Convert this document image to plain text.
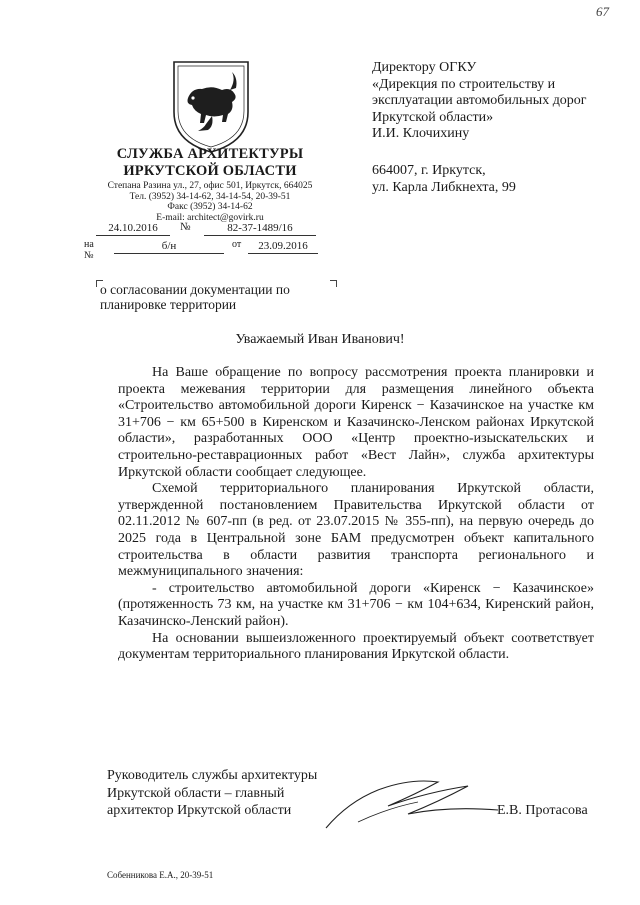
67
СЛУЖБА АРХИТЕКТУРЫ
ИРКУТСКОЙ ОБЛАСТИ
Степана Разина ул., 27, офис 501, Иркутск, 664025
Тел. (3952) 34-14-62, 34-14-54, 20-39-51
Факс (3952) 34-14-62
E-mail: architect@govirk.ru
24.10.2016	№	82-37-1489/16
на №
б/н	от	23.09.2016

Директору ОГКУ

«Дирекция по строительству и

эксплуатации автомобильных дорог

Иркутской области»

И.И. Клочихину

664007, г. Иркутск,

ул. Карла Либкнехта, 99

о согласовании документации по
планировке территории
Уважаемый Иван Иванович!

На Ваше обращение по вопросу рассмотрения проекта планировки и проекта межевания территории для размещения линейного объекта «Строительство автомобильной дороги Киренск − Казачинское на участке км 31+706 − км 65+500 в Киренском и Казачинско-Ленском районах Иркутской области», разработанных ООО «Центр проектно-изыскательских и строительно-реставрационных работ «Вест Лайн», служба архитектуры Иркутской области сообщает следующее.

Схемой территориального планирования Иркутской области, утвержденной постановлением Правительства Иркутской области от 02.11.2012 № 607-пп (в ред. от 23.07.2015 № 355-пп), на первую очередь до 2025 года в Центральной зоне БАМ предусмотрен объект капитального строительства в области развития транспорта регионального и межмуниципального значения:

- строительство автомобильной дороги «Киренск − Казачинское» (протяженность 73 км, на участке км 31+706 − км 104+634, Киренский район, Казачинско-Ленский район).

На основании вышеизложенного проектируемый объект соответствует документам территориального планирования Иркутской области.

Руководитель службы архитектуры
Иркутской области – главный
архитектор Иркутской области	Е.В. Протасова
Собенникова Е.А., 20-39-51
